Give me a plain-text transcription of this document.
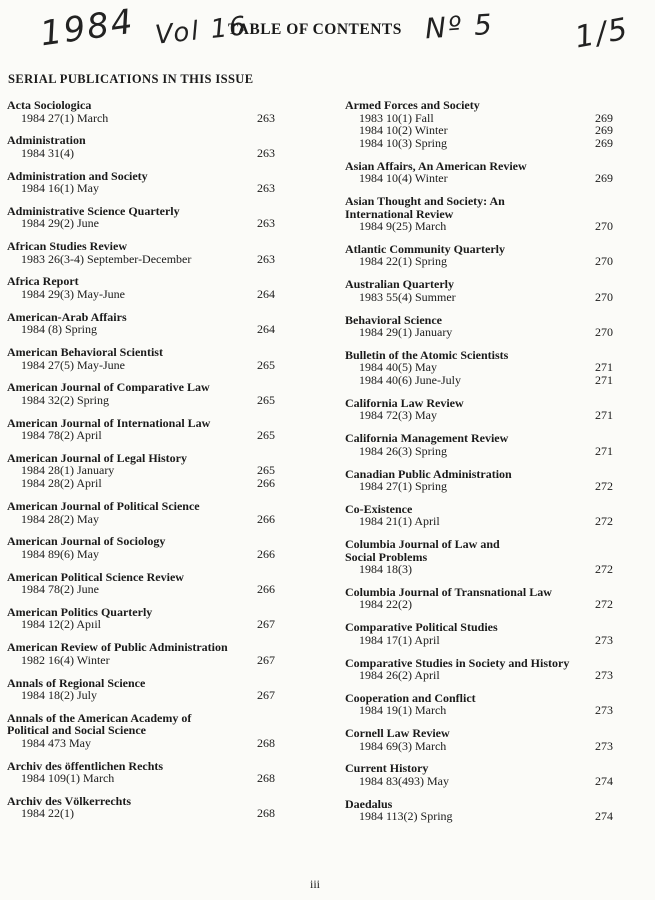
1984 Vol 16	Nº 5	1/5
TABLE OF CONTENTS
SERIAL PUBLICATIONS IN THIS ISSUE
Acta Sociologica
1984 27(1) March	263
Administration
1984 31(4)	263
Administration and Society
1984 16(1) May	263
Administrative Science Quarterly
1984 29(2) June	263
African Studies Review
1983 26(3-4) September-December	263
Africa Report
1984 29(3) May-June	264
American-Arab Affairs
1984 (8) Spring	264
American Behavioral Scientist
1984 27(5) May-June	265
American Journal of Comparative Law
1984 32(2) Spring	265
American Journal of International Law
1984 78(2) April	265
American Journal of Legal History
1984 28(1) January	265
1984 28(2) April	266
American Journal of Political Science
1984 28(2) May	266
American Journal of Sociology
1984 89(6) May	266
American Political Science Review
1984 78(2) June	266
American Politics Quarterly
1984 12(2) Apıil	267
American Review of Public Administration
1982 16(4) Winter	267
Annals of Regional Science
1984 18(2) July	267
Annals of the American Academy of
Political and Social Science
1984 473 May	268
Archiv des öffentlichen Rechts
1984 109(1) March	268
Archiv des Völkerrechts
1984 22(1)	268
Armed Forces and Society
1983 10(1) Fall	269
1984 10(2) Winter	269
1984 10(3) Spring	269
Asian Affairs, An American Review
1984 10(4) Winter	269
Asian Thought and Society: An
International Review
1984 9(25) March	270
Atlantic Community Quarterly
1984 22(1) Spring	270
Australian Quarterly
1983 55(4) Summer	270
Behavioral Science
1984 29(1) January	270
Bulletin of the Atomic Scientists
1984 40(5) May	271
1984 40(6) June-July	271
California Law Review
1984 72(3) May	271
California Management Review
1984 26(3) Spring	271
Canadian Public Administration
1984 27(1) Spring	272
Co-Existence
1984 21(1) April	272
Columbia Journal of Law and
Social Problems
1984 18(3)	272
Columbia Journal of Transnational Law
1984 22(2)	272
Comparative Political Studies
1984 17(1) April	273
Comparative Studies in Society and History
1984 26(2) April	273
Cooperation and Conflict
1984 19(1) March	273
Cornell Law Review
1984 69(3) March	273
Current History
1984 83(493) May	274
Daedalus
1984 113(2) Spring	274
iii
